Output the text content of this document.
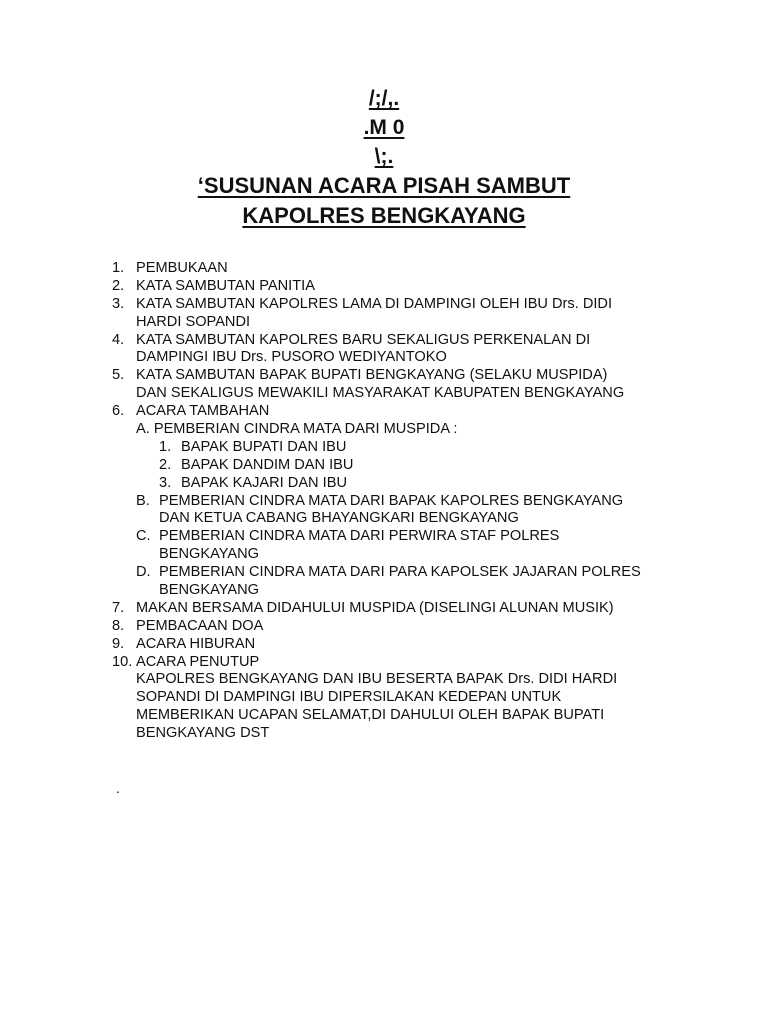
/;/,.
.M 0
\;.
‘SUSUNAN ACARA PISAH SAMBUT
KAPOLRES BENGKAYANG
1. PEMBUKAAN
2. KATA SAMBUTAN PANITIA
3. KATA SAMBUTAN KAPOLRES LAMA DI DAMPINGI OLEH IBU Drs. DIDI
HARDI SOPANDI
4. KATA SAMBUTAN KAPOLRES BARU SEKALIGUS PERKENALAN DI
DAMPINGI IBU Drs. PUSORO WEDIYANTOKO
5. KATA SAMBUTAN BAPAK BUPATI BENGKAYANG (SELAKU MUSPIDA)
DAN SEKALIGUS MEWAKILI MASYARAKAT KABUPATEN BENGKAYANG
6. ACARA TAMBAHAN
A. PEMBERIAN CINDRA MATA DARI MUSPIDA :
1. BAPAK BUPATI DAN IBU
2. BAPAK DANDIM DAN IBU
3. BAPAK KAJARI DAN IBU
B. PEMBERIAN CINDRA MATA DARI BAPAK KAPOLRES BENGKAYANG
DAN KETUA CABANG BHAYANGKARI BENGKAYANG
C. PEMBERIAN CINDRA MATA DARI PERWIRA STAF POLRES
BENGKAYANG
D. PEMBERIAN CINDRA MATA DARI PARA KAPOLSEK JAJARAN POLRES
BENGKAYANG
7. MAKAN BERSAMA DIDAHULUI MUSPIDA (DISELINGI ALUNAN MUSIK)
8. PEMBACAAN DOA
9. ACARA HIBURAN
10. ACARA PENUTUP
KAPOLRES BENGKAYANG DAN IBU BESERTA BAPAK Drs. DIDI HARDI
SOPANDI DI DAMPINGI IBU DIPERSILAKAN KEDEPAN UNTUK
MEMBERIKAN UCAPAN SELAMAT,DI DAHULUI OLEH BAPAK BUPATI
BENGKAYANG DST
.
